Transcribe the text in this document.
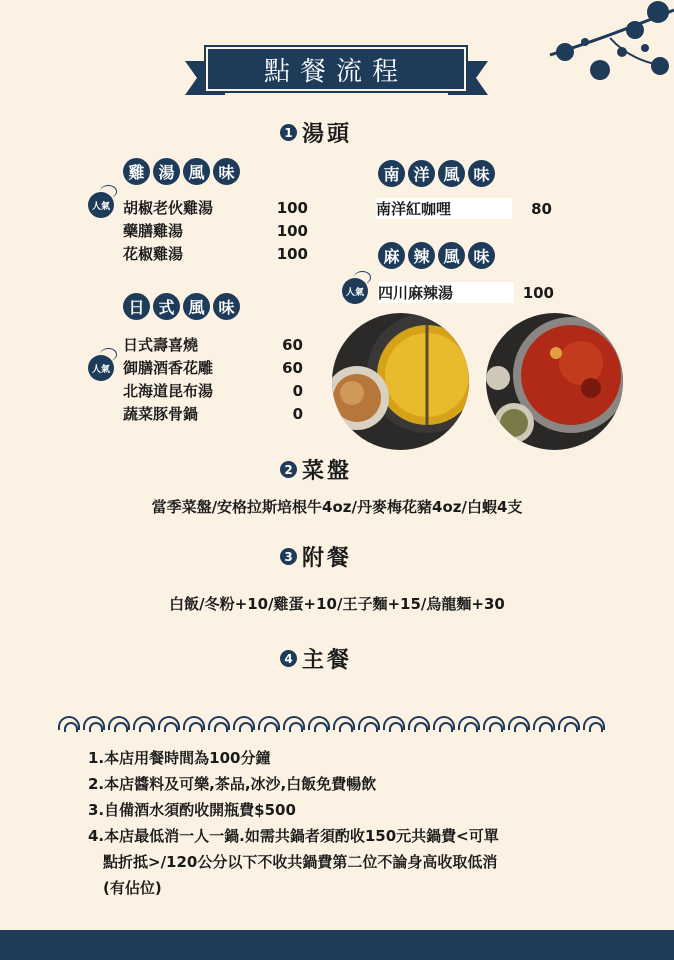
點餐流程
1 湯頭
雞 湯 風 味
人氣 胡椒老伙雞湯	100
藥膳雞湯	100
花椒雞湯	100
日 式 風 味
人氣
日式壽喜燒	60
御膳酒香花雕	60
北海道昆布湯	0
蔬菜豚骨鍋	0
南 洋 風 味
南洋紅咖哩	80
麻 辣 風 味
人氣 四川麻辣湯	100
2 菜盤
當季菜盤/安格拉斯培根牛4oz/丹麥梅花豬4oz/白蝦4支
3 附餐
白飯/冬粉+10/雞蛋+10/王子麵+15/烏龍麵+30
4 主餐
1.本店用餐時間為100分鐘
2.本店醬料及可樂,茶品,冰沙,白飯免費暢飲
3.自備酒水須酌收開瓶費$500
4.本店最低消一人一鍋.如需共鍋者須酌收150元共鍋費<可單
點折抵>/120公分以下不收共鍋費第二位不論身高收取低消
(有佔位)
